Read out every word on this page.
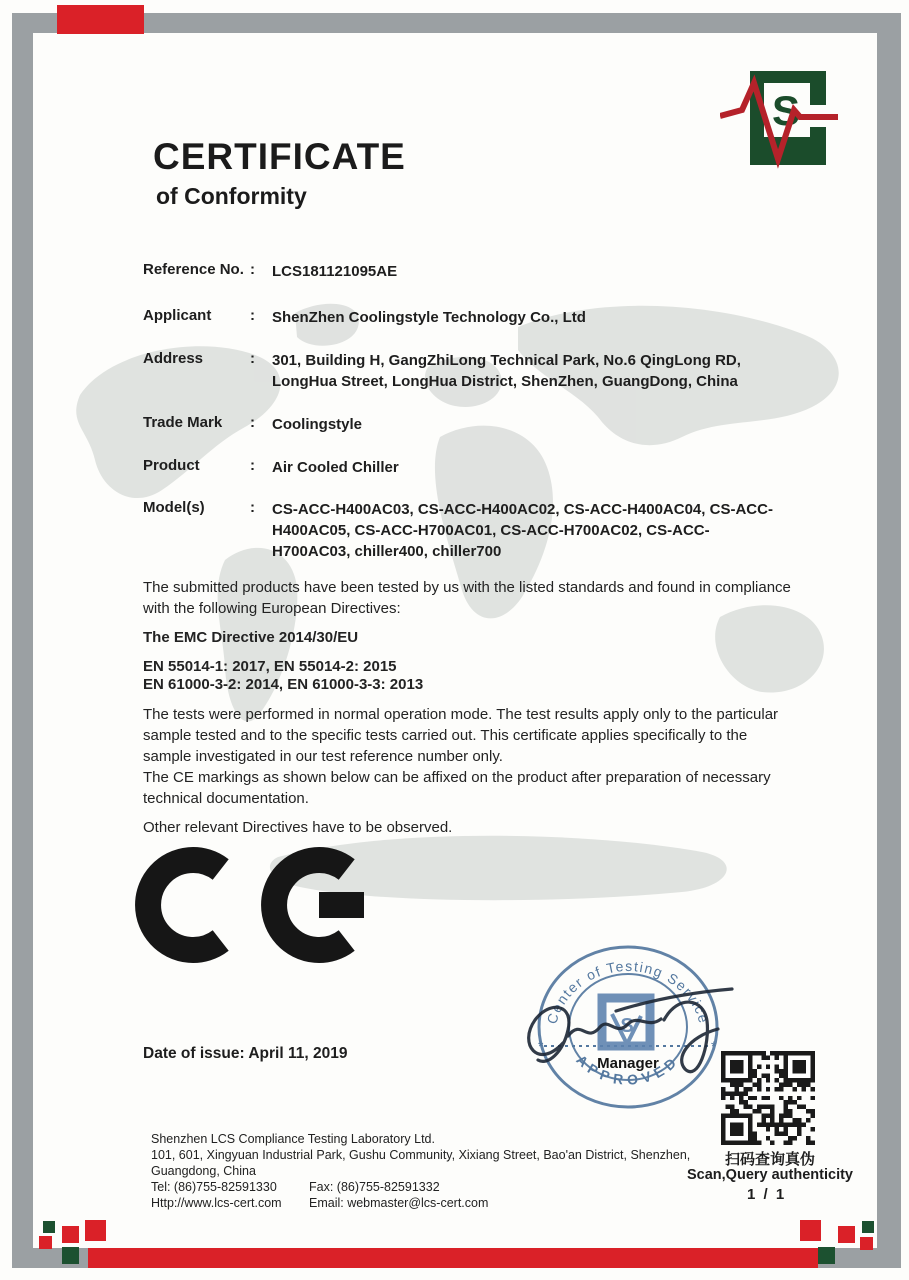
S
CERTIFICATE
of Conformity
Reference No. :	LCS181121095AE
Applicant	:	ShenZhen Coolingstyle Technology Co., Ltd
Address	:	301, Building H, GangZhiLong Technical Park, No.6 QingLong RD, LongHua Street, LongHua District, ShenZhen, GuangDong, China
Trade Mark	:	Coolingstyle
Product	:	Air Cooled Chiller
Model(s)	:	CS-ACC-H400AC03, CS-ACC-H400AC02, CS-ACC-H400AC04, CS-ACC-H400AC05, CS-ACC-H700AC01, CS-ACC-H700AC02, CS-ACC-H700AC03, chiller400, chiller700
The submitted products have been tested by us with the listed standards and found in compliance with the following European Directives:
The EMC Directive 2014/30/EU
EN 55014-1: 2017, EN 55014-2: 2015
EN 61000-3-2: 2014, EN 61000-3-3: 2013
The tests were performed in normal operation mode. The test results apply only to the particular sample tested and to the specific tests carried out. This certificate applies specifically to the sample investigated in our test reference number only.
The CE markings as shown below can be affixed on the product after preparation of necessary technical documentation.
Other relevant Directives have to be observed.
Center of Testing Service
APPROVED
*	*
S
Manager
Date of issue: April 11, 2019
扫码查询真伪
Scan,Query authenticity
Shenzhen LCS Compliance Testing Laboratory Ltd.
101, 601, Xingyuan Industrial Park, Gushu Community, Xixiang Street, Bao'an District, Shenzhen, Guangdong, China
Tel: (86)755-82591330	Fax: (86)755-82591332
Http://www.lcs-cert.com	Email: webmaster@lcs-cert.com	1 / 1
